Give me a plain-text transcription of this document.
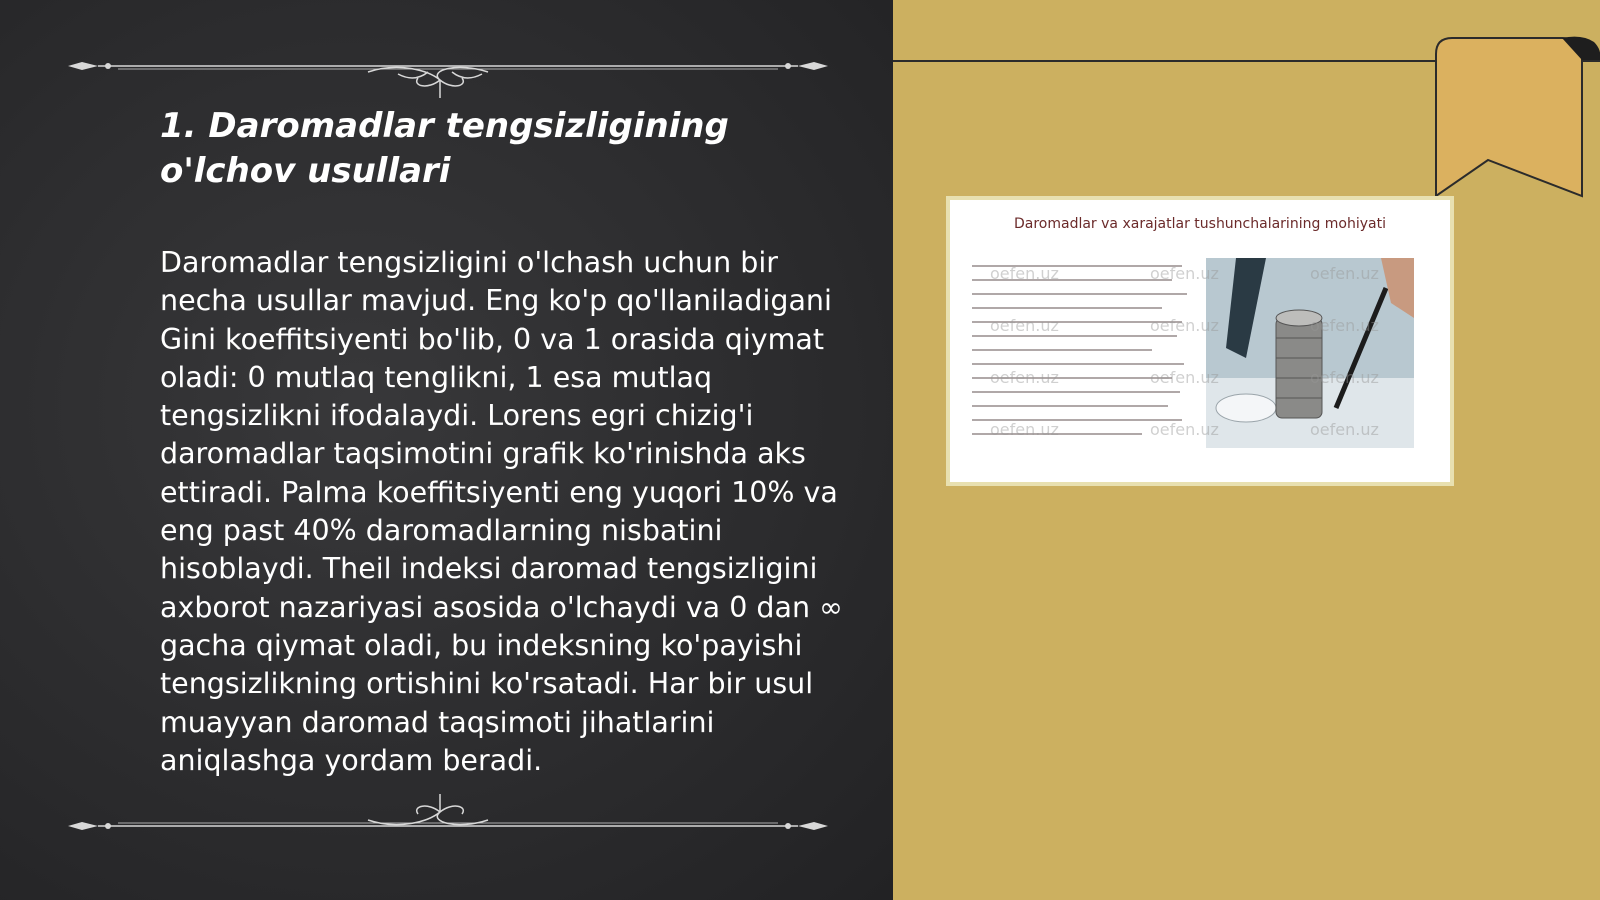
1. Daromadlar tengsizligining o'lchov usullari

Daromadlar tengsizligini o'lchash uchun bir necha usullar mavjud. Eng ko'p qo'llaniladigani Gini koeffitsiyenti bo'lib, 0 va 1 orasida qiymat oladi: 0 mutlaq tenglikni, 1 esa mutlaq tengsizlikni ifodalaydi. Lorens egri chizig'i daromadlar taqsimotini grafik ko'rinishda aks ettiradi. Palma koeffitsiyenti eng yuqori 10% va eng past 40% daromadlarning nisbatini hisoblaydi. Theil indeksi daromad tengsizligini axborot nazariyasi asosida o'lchaydi va 0 dan ∞ gacha qiymat oladi, bu indeksning ko'payishi tengsizlikning ortishini ko'rsatadi. Har bir usul muayyan daromad taqsimoti jihatlarini aniqlashga yordam beradi.

Daromadlar va xarajatlar tushunchalarining mohiyati
oefen.uz	oefen.uz	oefen.uz
oefen.uz	oefen.uz	oefen.uz
oefen.uz	oefen.uz	oefen.uz
oefen.uz	oefen.uz	oefen.uz
